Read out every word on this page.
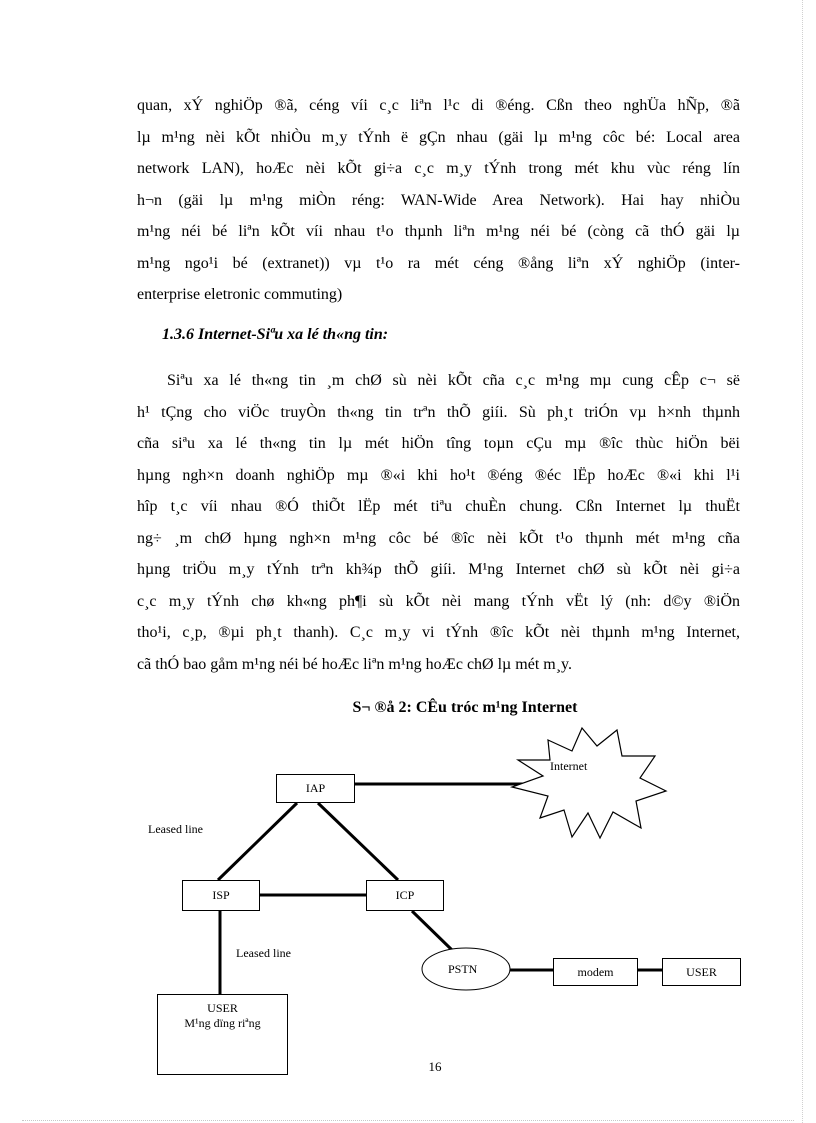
quan, xÝ nghiÖp ®ã, céng víi c¸c liªn l¹c di ®éng. Cßn theo nghÜa hÑp, ®ã
lµ m¹ng nèi kÕt nhiÒu m¸y tÝnh ë gÇn nhau (gäi lµ m¹ng côc bé: Local area
network LAN), hoÆc nèi kÕt gi÷a c¸c m¸y tÝnh trong mét khu vùc réng lín
h¬n (gäi lµ m¹ng miÒn réng: WAN-Wide Area Network). Hai hay nhiÒu
m¹ng néi bé liªn kÕt víi nhau t¹o thµnh liªn m¹ng néi bé (còng cã thÓ gäi lµ
m¹ng ngo¹i bé (extranet)) vµ t¹o ra mét céng ®ång liªn xÝ nghiÖp (inter-
enterprise eletronic commuting)
1.3.6 Internet-Siªu xa lé th«ng tin:
Siªu xa lé th«ng tin ¸m chØ sù nèi kÕt cña c¸c m¹ng mµ cung cÊp c¬ së
h¹ tÇng cho viÖc truyÒn th«ng tin trªn thÕ giíi. Sù ph¸t triÓn vµ h×nh thµnh
cña siªu xa lé th«ng tin lµ mét hiÖn tîng toµn cÇu mµ ®îc thùc hiÖn bëi
hµng ngh×n doanh nghiÖp mµ ®«i khi ho¹t ®éng ®éc lËp hoÆc ®«i khi l¹i
hîp t¸c víi nhau ®Ó thiÕt lËp mét tiªu chuÈn chung. Cßn Internet lµ thuËt
ng÷ ¸m chØ hµng ngh×n m¹ng côc bé ®îc nèi kÕt t¹o thµnh mét m¹ng cña
hµng triÖu m¸y tÝnh trªn kh¾p thÕ giíi. M¹ng Internet chØ sù kÕt nèi gi÷a
c¸c m¸y tÝnh chø kh«ng ph¶i sù kÕt nèi mang tÝnh vËt lý (nh: d©y ®iÖn
tho¹i, c¸p, ®µi ph¸t thanh). C¸c m¸y vi tÝnh ®îc kÕt nèi thµnh m¹ng Internet,
cã thÓ bao gåm m¹ng néi bé hoÆc liªn m¹ng hoÆc chØ lµ mét m¸y.
S¬ ®å 2: CÊu tróc m¹ng Internet
IAP
Internet
ISP	ICP
PSTN	modem	USER
USER
M¹ng dïng riªng
Leased line
Leased line
16
